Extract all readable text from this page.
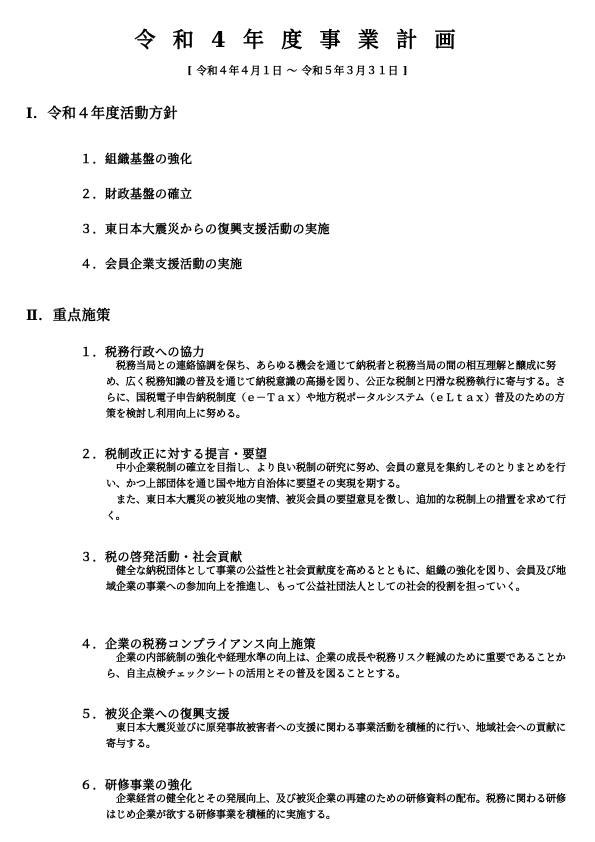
令 和 4 年 度 事 業 計 画
[ 令和４年４月１日 ～ 令和５年３月３１日 ]
Ⅰ．令和４年度活動方針
１．組織基盤の強化
２．財政基盤の確立
３．東日本大震災からの復興支援活動の実施
４．会員企業支援活動の実施
Ⅱ．重点施策
１．税務行政への協力

税務当局との連絡協調を保ち、あらゆる機会を通じて納税者と税務当局の間の相互理解と醸成に努め、広く税務知識の普及を通じて納税意識の高揚を図り、公正な税制と円滑な税務執行に寄与する。さらに、国税電子申告納税制度（ｅ－Ｔａｘ）や地方税ポータルシステム（ｅＬｔａｘ）普及のための方策を検討し利用向上に努める。

２．税制改正に対する提言・要望

中小企業税制の確立を目指し、より良い税制の研究に努め、会員の意見を集約しそのとりまとめを行い、かつ上部団体を通じ国や地方自治体に要望その実現を期する。

また、東日本大震災の被災地の実情、被災会員の要望意見を徴し、追加的な税制上の措置を求めて行く。

３．税の啓発活動・社会貢献

健全な納税団体として事業の公益性と社会貢献度を高めるとともに、組織の強化を図り、会員及び地域企業の事業への参加向上を推進し、もって公益社団法人としての社会的役割を担っていく。

４．企業の税務コンプライアンス向上施策

企業の内部統制の強化や経理水準の向上は、企業の成長や税務リスク軽減のために重要であることから、自主点検チェックシートの活用とその普及を図ることとする。

５．被災企業への復興支援

東日本大震災並びに原発事故被害者への支援に関わる事業活動を積極的に行い、地域社会への貢献に寄与する。

６．研修事業の強化

企業経営の健全化とその発展向上、及び被災企業の再建のための研修資料の配布。税務に関わる研修はじめ企業が欲する研修事業を積極的に実施する。
